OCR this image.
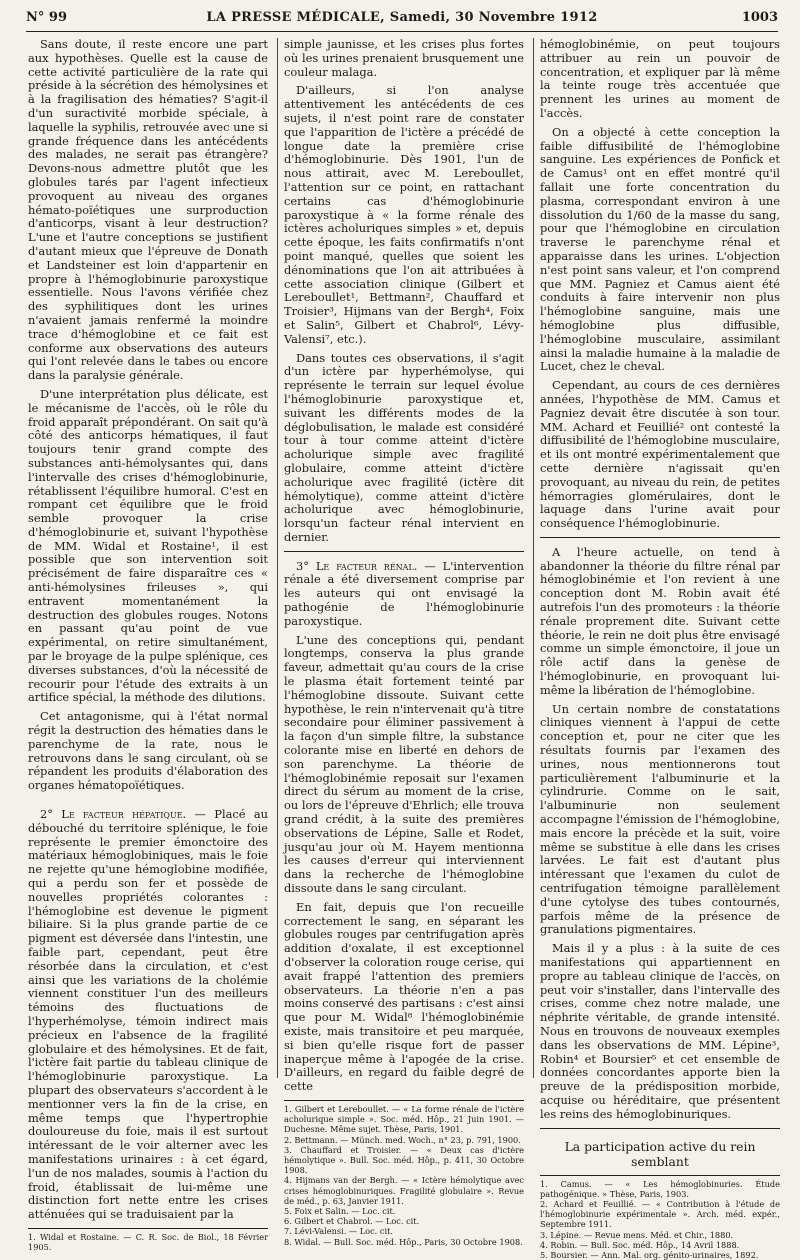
N° 99	LA PRESSE MÉDICALE, Samedi, 30 Novembre 1912	1003

Sans doute, il reste encore une part aux hypothèses. Quelle est la cause de cette activité particulière de la rate qui préside à la sécrétion des hémolysines et à la fragilisation des hématies? S'agit-il d'un suractivité morbide spéciale, à laquelle la syphilis, retrouvée avec une si grande fréquence dans les antécédents des malades, ne serait pas étrangère? Devons-nous admettre plutôt que les globules tarés par l'agent infectieux provoquent au niveau des organes hémato-poïétiques une surproduction d'anticorps, visant à leur destruction? L'une et l'autre conceptions se justifient d'autant mieux que l'épreuve de Donath et Landsteiner est loin d'appartenir en propre à l'hémoglobinurie paroxystique essentielle. Nous l'avons vérifiée chez des syphilitiques dont les urines n'avaient jamais renfermé la moindre trace d'hémoglobine et ce fait est conforme aux observations des auteurs qui l'ont relevée dans le tabes ou encore dans la paralysie générale.

D'une interprétation plus délicate, est le mécanisme de l'accès, où le rôle du froid apparaît prépondérant. On sait qu'à côté des anticorps hématiques, il faut toujours tenir grand compte des substances anti-hémolysantes qui, dans l'intervalle des crises d'hémoglobinurie, rétablissent l'équilibre humoral. C'est en rompant cet équilibre que le froid semble provoquer la crise d'hémoglobinurie et, suivant l'hypothèse de MM. Widal et Rostaine¹, il est possible que son intervention soit précisément de faire disparaître ces « anti-hémolysines frileuses », qui entravent momentanément la destruction des globules rouges. Notons en passant qu'au point de vue expérimental, on retire simultanément, par le broyage de la pulpe splénique, ces diverses substances, d'où la nécessité de recourir pour l'étude des extraits à un artifice spécial, la méthode des dilutions.

Cet antagonisme, qui à l'état normal régit la destruction des hématies dans le parenchyme de la rate, nous le retrouvons dans le sang circulant, où se répandent les produits d'élaboration des organes hématopoïétiques.

2° Le facteur hépatique. — Placé au débouché du territoire splénique, le foie représente le premier émonctoire des matériaux hémoglobiniques, mais le foie ne rejette qu'une hémoglobine modifiée, qui a perdu son fer et possède de nouvelles propriétés colorantes : l'hémoglobine est devenue le pigment biliaire. Si la plus grande partie de ce pigment est déversée dans l'intestin, une faible part, cependant, peut être résorbée dans la circulation, et c'est ainsi que les variations de la cholémie viennent constituer l'un des meilleurs témoins des fluctuations de l'hyperhémolyse, témoin indirect mais précieux en l'absence de la fragilité globulaire et des hémolysines. Et de fait, l'ictère fait partie du tableau clinique de l'hémoglobinurie paroxystique. La plupart des observateurs s'accordent à le mentionner vers la fin de la crise, en même temps que l'hypertrophie douloureuse du foie, mais il est surtout intéressant de le voir alterner avec les manifestations urinaires : à cet égard, l'un de nos malades, soumis à l'action du froid, établissait de lui-même une distinction fort nette entre les crises atténuées qui se traduisaient par la

1. Widal et Rostaine. — C. R. Soc. de Biol., 18 Février 1905.

simple jaunisse, et les crises plus fortes où les urines prenaient brusquement une couleur malaga.

D'ailleurs, si l'on analyse attentivement les antécédents de ces sujets, il n'est point rare de constater que l'apparition de l'ictère a précédé de longue date la première crise d'hémoglobinurie. Dès 1901, l'un de nous attirait, avec M. Lereboullet, l'attention sur ce point, en rattachant certains cas d'hémoglobinurie paroxystique à « la forme rénale des ictères acholuriques simples » et, depuis cette époque, les faits confirmatifs n'ont point manqué, quelles que soient les dénominations que l'on ait attribuées à cette association clinique (Gilbert et Lereboullet¹, Bettmann², Chauffard et Troisier³, Hijmans van der Bergh⁴, Foix et Salin⁵, Gilbert et Chabrol⁶, Lévy-Valensi⁷, etc.).

Dans toutes ces observations, il s'agit d'un ictère par hyperhémolyse, qui représente le terrain sur lequel évolue l'hémoglobinurie paroxystique et, suivant les différents modes de la déglobulisation, le malade est considéré tour à tour comme atteint d'ictère acholurique simple avec fragilité globulaire, comme atteint d'ictère acholurique avec fragilité (ictère dit hémolytique), comme atteint d'ictère acholurique avec hémoglobinurie, lorsqu'un facteur rénal intervient en dernier.

3° Le facteur rénal. — L'intervention rénale a été diversement comprise par les auteurs qui ont envisagé la pathogénie de l'hémoglobinurie paroxystique.

L'une des conceptions qui, pendant longtemps, conserva la plus grande faveur, admettait qu'au cours de la crise le plasma était fortement teinté par l'hémoglobine dissoute. Suivant cette hypothèse, le rein n'intervenait qu'à titre secondaire pour éliminer passivement à la façon d'un simple filtre, la substance colorante mise en liberté en dehors de son parenchyme. La théorie de l'hémoglobinémie reposait sur l'examen direct du sérum au moment de la crise, ou lors de l'épreuve d'Ehrlich; elle trouva grand crédit, à la suite des premières observations de Lépine, Salle et Rodet, jusqu'au jour où M. Hayem mentionna les causes d'erreur qui interviennent dans la recherche de l'hémoglobine dissoute dans le sang circulant.

En fait, depuis que l'on recueille correctement le sang, en séparant les globules rouges par centrifugation après addition d'oxalate, il est exceptionnel d'observer la coloration rouge cerise, qui avait frappé l'attention des premiers observateurs. La théorie n'en a pas moins conservé des partisans : c'est ainsi que pour M. Widal⁸ l'hémoglobinémie existe, mais transitoire et peu marquée, si bien qu'elle risque fort de passer inaperçue même à l'apogée de la crise. D'ailleurs, en regard du faible degré de cette

1. Gilbert et Lereboullet. — « La forme rénale de l'ictère acholurique simple ». Soc. méd. Hôp., 21 Juin 1901. — Duchesne. Même sujet. Thèse, Paris, 1901.
2. Bettmann. — Münch. med. Woch., n° 23, p. 791, 1900.
3. Chauffard et Troisier. — « Deux cas d'ictère hémolytique ». Bull. Soc. méd. Hôp., p. 411, 30 Octobre 1908.
4. Hijmans van der Bergh. — « Ictère hémolytique avec crises hémoglobinuriques. Fragilité globulaire ». Revue de méd., p. 63, Janvier 1911.
5. Foix et Salin. — Loc. cit.
6. Gilbert et Chabrol. — Loc. cit.
7. Lévi-Valensi. — Loc. cit.
8. Widal. — Bull. Soc. méd. Hôp., Paris, 30 Octobre 1908.

hémoglobinémie, on peut toujours attribuer au rein un pouvoir de concentration, et expliquer par là même la teinte rouge très accentuée que prennent les urines au moment de l'accès.

On a objecté à cette conception la faible diffusibilité de l'hémoglobine sanguine. Les expériences de Ponfick et de Camus¹ ont en effet montré qu'il fallait une forte concentration du plasma, correspondant environ à une dissolution du 1/60 de la masse du sang, pour que l'hémoglobine en circulation traverse le parenchyme rénal et apparaisse dans les urines. L'objection n'est point sans valeur, et l'on comprend que MM. Pagniez et Camus aient été conduits à faire intervenir non plus l'hémoglobine sanguine, mais une hémoglobine plus diffusible, l'hémoglobine musculaire, assimilant ainsi la maladie humaine à la maladie de Lucet, chez le cheval.

Cependant, au cours de ces dernières années, l'hypothèse de MM. Camus et Pagniez devait être discutée à son tour. MM. Achard et Feuillié² ont contesté la diffusibilité de l'hémoglobine musculaire, et ils ont montré expérimentalement que cette dernière n'agissait qu'en provoquant, au niveau du rein, de petites hémorragies glomérulaires, dont le laquage dans l'urine avait pour conséquence l'hémoglobinurie.

A l'heure actuelle, on tend à abandonner la théorie du filtre rénal par hémoglobinémie et l'on revient à une conception dont M. Robin avait été autrefois l'un des promoteurs : la théorie rénale proprement dite. Suivant cette théorie, le rein ne doit plus être envisagé comme un simple émonctoire, il joue un rôle actif dans la genèse de l'hémoglobinurie, en provoquant lui-même la libération de l'hémoglobine.

Un certain nombre de constatations cliniques viennent à l'appui de cette conception et, pour ne citer que les résultats fournis par l'examen des urines, nous mentionnerons tout particulièrement l'albuminurie et la cylindrurie. Comme on le sait, l'albuminurie non seulement accompagne l'émission de l'hémoglobine, mais encore la précède et la suit, voire même se substitue à elle dans les crises larvées. Le fait est d'autant plus intéressant que l'examen du culot de centrifugation témoigne parallèlement d'une cytolyse des tubes contournés, parfois même de la présence de granulations pigmentaires.

Mais il y a plus : à la suite de ces manifestations qui appartiennent en propre au tableau clinique de l'accès, on peut voir s'installer, dans l'intervalle des crises, comme chez notre malade, une néphrite véritable, de grande intensité. Nous en trouvons de nouveaux exemples dans les observations de MM. Lépine³, Robin⁴ et Boursier⁵ et cet ensemble de données concordantes apporte bien la preuve de la prédisposition morbide, acquise ou héréditaire, que présentent les reins des hémoglobinuriques.

La participation active du rein semblant
1. Camus. — « Les hémoglobinuries. Étude pathogénique. » Thèse, Paris, 1903.
2. Achard et Feuillié. — « Contribution à l'étude de l'hémoglobinurie expérimentale ». Arch. méd. expér., Septembre 1911.
3. Lépine. — Revue mens. Méd. et Chir., 1880.
4. Robin. — Bull. Soc. méd. Hôp., 14 Avril 1888.
5. Boursier. — Ann. Mal. org. génito-urinaires, 1892.
